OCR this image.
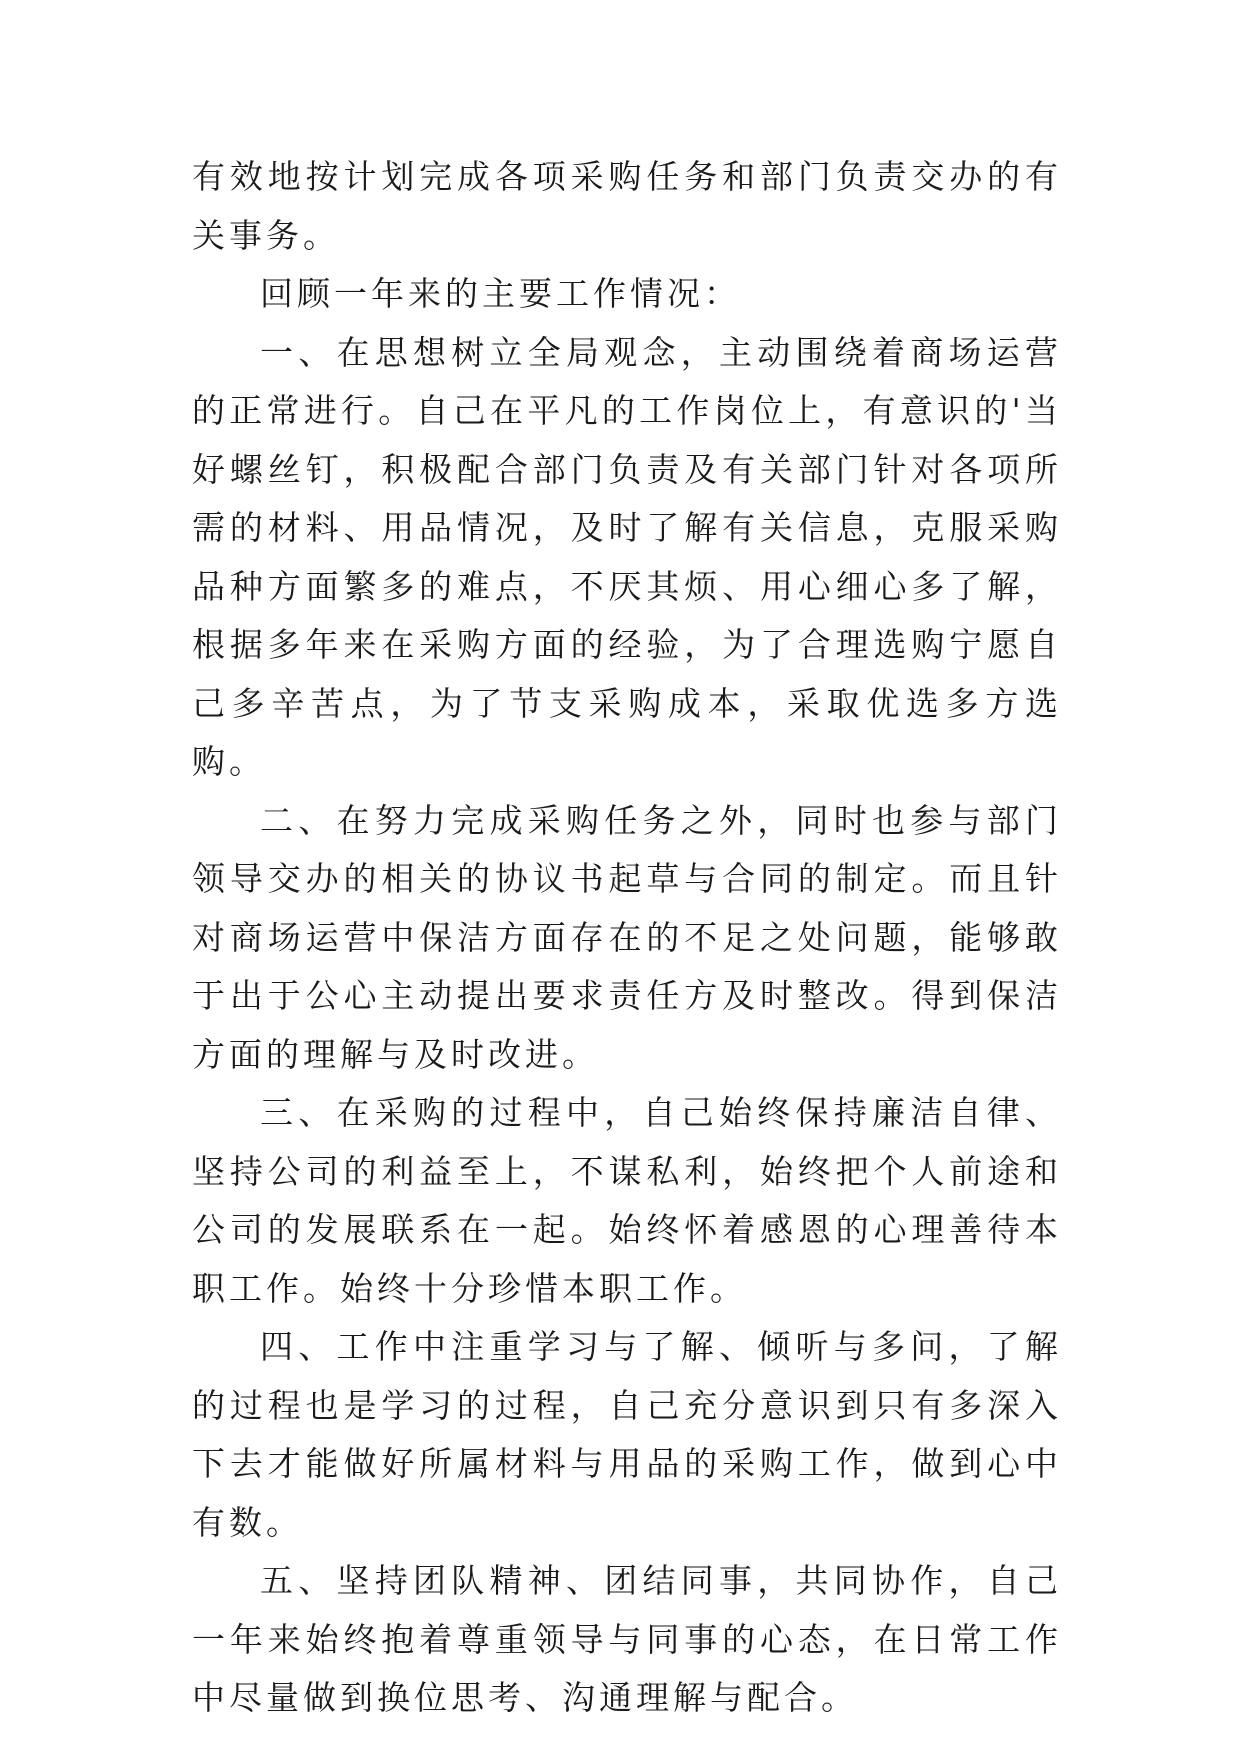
有效地按计划完成各项采购任务和部门负责交办的有关事务。

回顾一年来的主要工作情况：

一、在思想树立全局观念，主动围绕着商场运营的正常进行。自己在平凡的工作岗位上，有意识的'当好螺丝钉，积极配合部门负责及有关部门针对各项所需的材料、用品情况，及时了解有关信息，克服采购品种方面繁多的难点，不厌其烦、用心细心多了解，根据多年来在采购方面的经验，为了合理选购宁愿自己多辛苦点，为了节支采购成本，采取优选多方选购。

二、在努力完成采购任务之外，同时也参与部门领导交办的相关的协议书起草与合同的制定。而且针对商场运营中保洁方面存在的不足之处问题，能够敢于出于公心主动提出要求责任方及时整改。得到保洁方面的理解与及时改进。

三、在采购的过程中，自己始终保持廉洁自律、坚持公司的利益至上，不谋私利，始终把个人前途和公司的发展联系在一起。始终怀着感恩的心理善待本职工作。始终十分珍惜本职工作。

四、工作中注重学习与了解、倾听与多问，了解的过程也是学习的过程，自己充分意识到只有多深入下去才能做好所属材料与用品的采购工作，做到心中有数。

五、坚持团队精神、团结同事，共同协作，自己一年来始终抱着尊重领导与同事的心态，在日常工作中尽量做到换位思考、沟通理解与配合。
